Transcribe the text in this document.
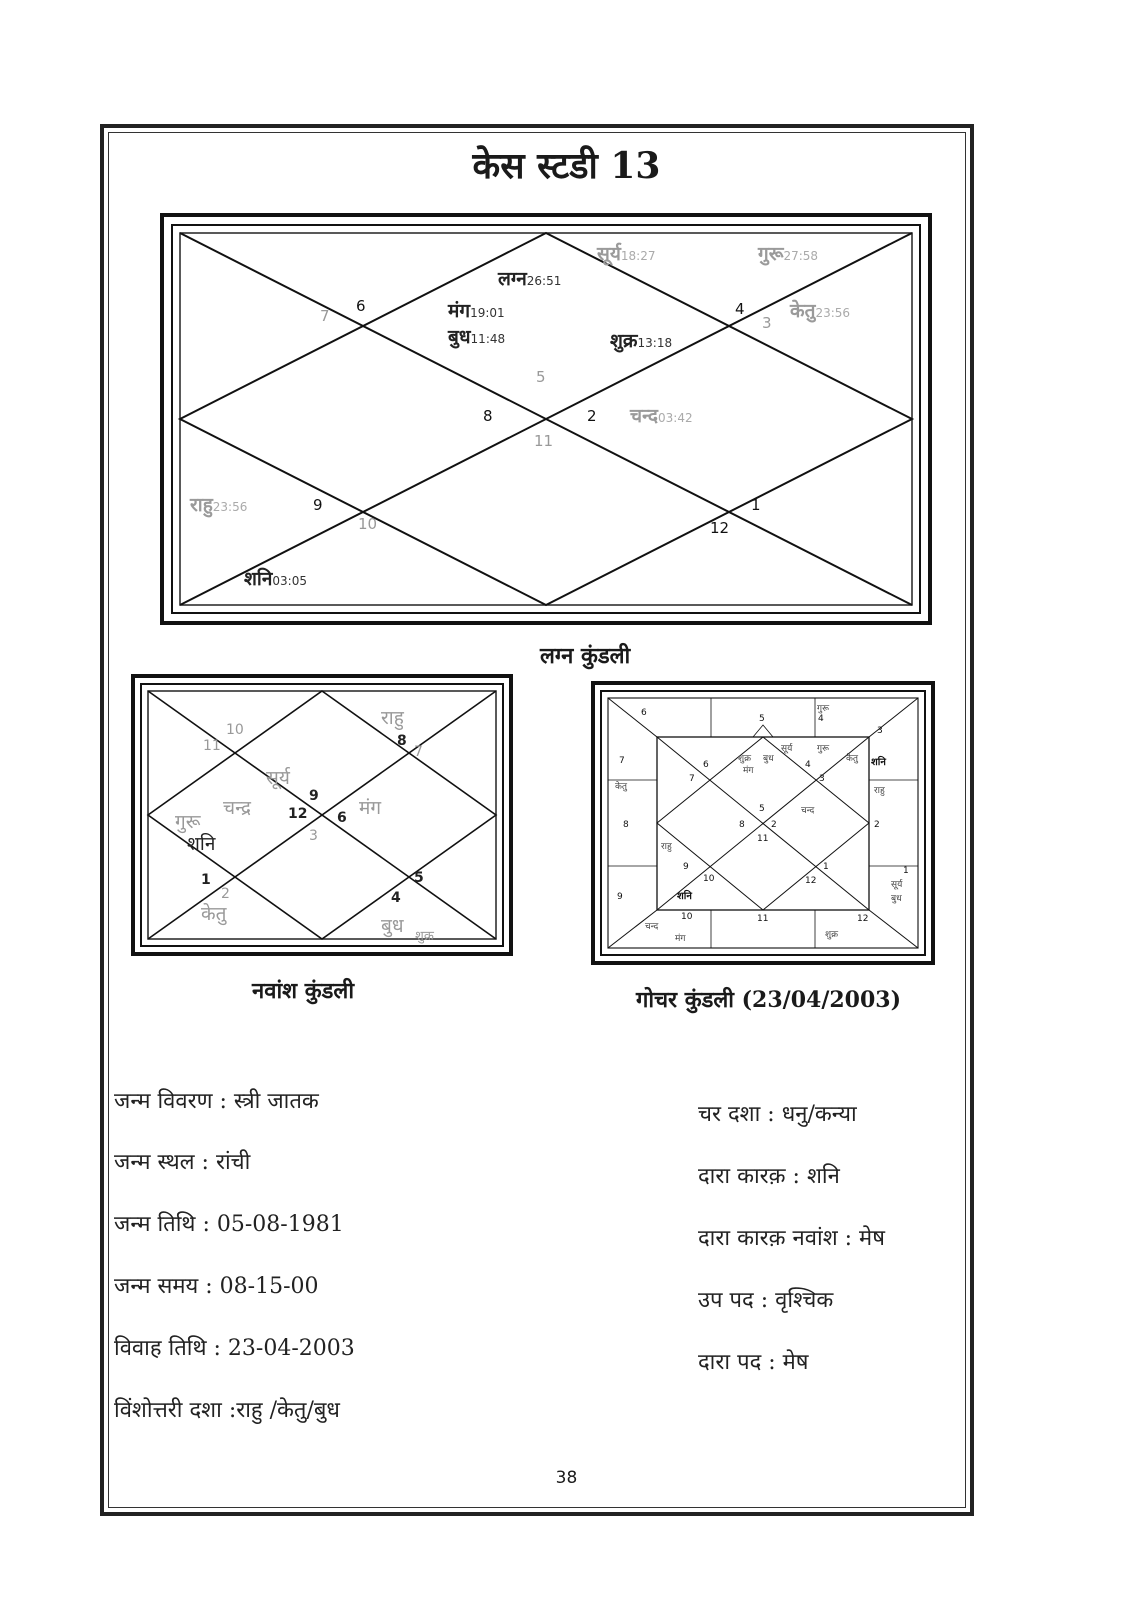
केस स्टडी 13
4
3
6
7
5
8	2
11
9
10
1
12
सूर्य18:27	गुरू27:58
लग्न26:51
मंग19:01
बुध11:48	शुक्र13:18
केतु23:56
चन्द03:42
राहु23:56
शनि03:05
लग्न कुंडली
10
11	8
7
9
12 6
3
1
2	4
5
राहु
सूर्य
चन्द्र
गुरू
शनि
मंग
केतु
बुध शुक्र
नवांश कुंडली
6
5	4
7
3
8	2
9
1
10	11	12
6
7
4
3
5
8	2
11
9
10
1
12
गुरू
सूर्य	गुरू
शुक्र बुध
मंग
केतु शनि
केतु	राहु
चन्द
राहु
शनि
सूर्य
बुध
चन्द
मंग	शुक्र
गोचर कुंडली (23/04/2003)
जन्म विवरण : स्त्री जातक
जन्म स्थल : रांची
जन्म तिथि : 05-08-1981
जन्म समय : 08-15-00
विवाह तिथि : 23-04-2003
विंशोत्तरी दशा :राहु /केतु/बुध
चर दशा : धनु/कन्या
दारा कारक़ : शनि
दारा कारक़ नवांश : मेष
उप पद : वृश्चिक
दारा पद : मेष
38
